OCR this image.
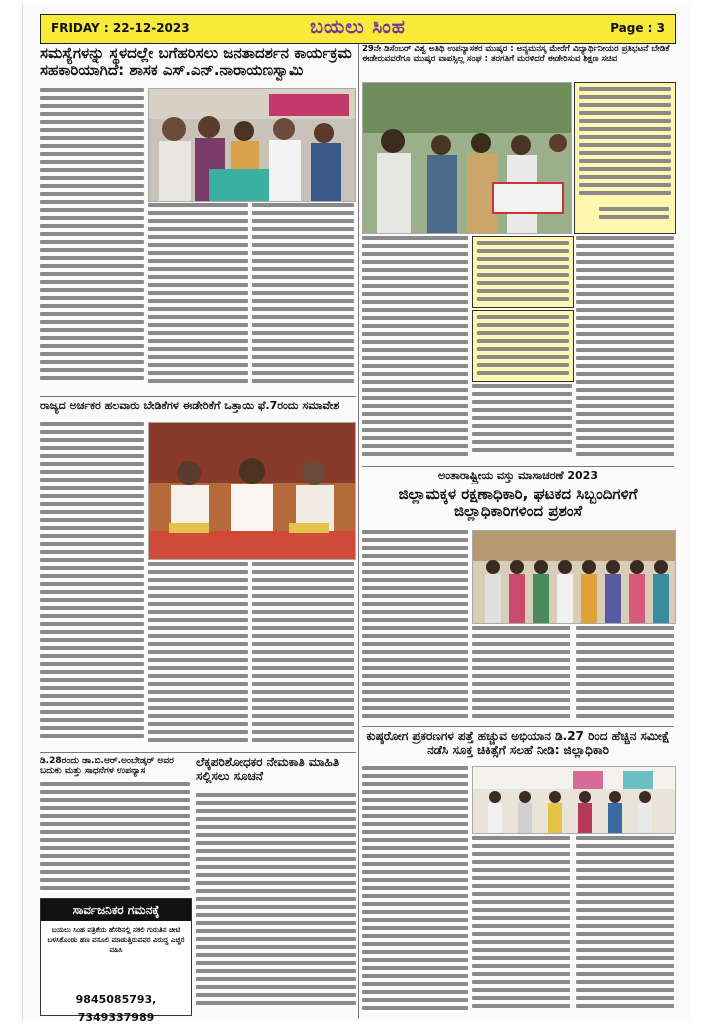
FRIDAY : 22-12-2023	ಬಯಲು ಸಿಂಹ	Page : 3
ಸಮಸ್ಯೆಗಳನ್ನು ಸ್ಥಳದಲ್ಲೇ ಬಗೆಹರಿಸಲು ಜನತಾದರ್ಶನ ಕಾರ್ಯಕ್ರಮ ಸಹಕಾರಿಯಾಗಿದೆ: ಶಾಸಕ ಎಸ್.ಎನ್.ನಾರಾಯಣಸ್ವಾಮಿ
ರಾಜ್ಯದ ಅರ್ಚಕರ ಹಲವಾರು ಬೇಡಿಕೆಗಳ ಈಡೇರಿಕೆಗೆ ಒತ್ತಾಯಿ ಫೆ.7ರಂದು ಸಮಾವೇಶ
ಡಿ.28ರಂದು ಡಾ.ಬಿ.ಆರ್.ಅಂಬೇಡ್ಕರ್ ಅವರ ಬದುಕು ಮತ್ತು ಸಾಧನೆಗಳ ಉಪನ್ಯಾಸ
ಸಾರ್ವಜನಿಕರ ಗಮನಕ್ಕೆ
ಬಯಲು ಸಿಂಹ ಪತ್ರಿಕೆಯ ಹೆಸರಿನಲ್ಲಿ ನಕಲಿ ಗುರುತಿನ ಚೀಟಿ ಬಳಸಿಕೊಂಡು ಹಣ ವಸೂಲಿ ಮಾಡುತ್ತಿರುವವರ ವಿರುದ್ಧ ಎಚ್ಚರ ವಹಿಸಿ
9845085793, 7349337989
ಲೆಕ್ಕಪರಿಶೋಧಕರ ನೇಮಕಾತಿ ಮಾಹಿತಿ ಸಲ್ಲಿಸಲು ಸೂಚನೆ
29ನೇ ಡಿಸೆಂಬರ್ ವಿಶ್ವ ಅತಿಥಿ ಉಪನ್ಯಾಸಕರ ಮುಷ್ಕರ : ಅನ್ಯಮನಸ್ಕ ಮೇರೆಗೆ ವಿದ್ಯಾರ್ಥಿನೀಯರ ಪ್ರತಿಭಟನೆ ಬೇಡಿಕೆ ಈಡೇರುವವರೆಗೂ ಮುಷ್ಕರ ವಾಪಸ್ಸಿಲ್ಲ ಸಂಘ : ತರಗತಿಗೆ ಮರಳಿದರೆ ಈಡೇರಿಸುವ ಶಿಕ್ಷಣ ಸಚಿವ
ಅಂತಾರಾಷ್ಟ್ರೀಯ ವಸ್ತು ಮಾಸಾಚರಣೆ 2023
ಜಿಲ್ಲಾಮಕ್ಕಳ ರಕ್ಷಣಾಧಿಕಾರಿ, ಘಟಕದ ಸಿಬ್ಬಂದಿಗಳಿಗೆ ಜಿಲ್ಲಾಧಿಕಾರಿಗಳಿಂದ ಪ್ರಶಂಸೆ
ಕುಷ್ಠರೋಗ ಪ್ರಕರಣಗಳ ಪತ್ತೆ ಹಚ್ಚುವ ಅಭಿಯಾನ ಡಿ.27 ರಿಂದ ಹೆಚ್ಚಿನ ಸಮೀಕ್ಷೆ ನಡೆಸಿ ಸೂಕ್ತ ಚಿಕಿತ್ಸೆಗೆ ಸಲಹೆ ನೀಡಿ: ಜಿಲ್ಲಾಧಿಕಾರಿ
